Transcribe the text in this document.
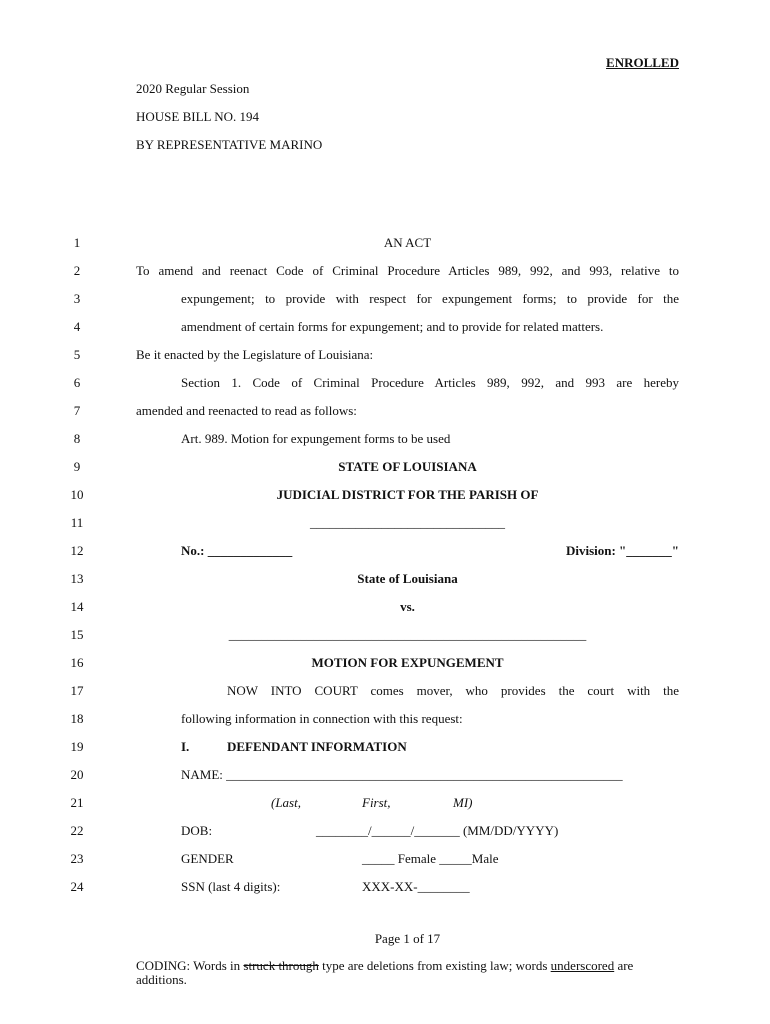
ENROLLED
2020 Regular Session
HOUSE BILL NO. 194
BY REPRESENTATIVE MARINO
1
2
3
4
5
6
7
8
9
10
11
12
13
14
15
16
17
18
19
20
21
22
23
24
AN ACT
To amend and reenact Code of Criminal Procedure Articles 989, 992, and 993, relative to
expungement; to provide with respect for expungement forms; to provide for the
amendment of certain forms for expungement; and to provide for related matters.
Be it enacted by the Legislature of Louisiana:
Section 1. Code of Criminal Procedure Articles 989, 992, and 993 are hereby
amended and reenacted to read as follows:
Art. 989. Motion for expungement forms to be used
STATE OF LOUISIANA
JUDICIAL DISTRICT FOR THE PARISH OF
______________________________
No.: _____________	Division: "_______"
State of Louisiana
vs.
_______________________________________________________
MOTION FOR EXPUNGEMENT
NOW INTO COURT comes mover, who provides the court with the
following information in connection with this request:
I.	DEFENDANT INFORMATION
NAME: _____________________________________________________________
(Last,	First,	MI)
DOB:	________/______/_______ (MM/DD/YYYY)
GENDER	_____ Female _____Male
SSN (last 4 digits):	XXX-XX-________
Page 1 of 17
CODING: Words in struck through type are deletions from existing law; words underscored are additions.
